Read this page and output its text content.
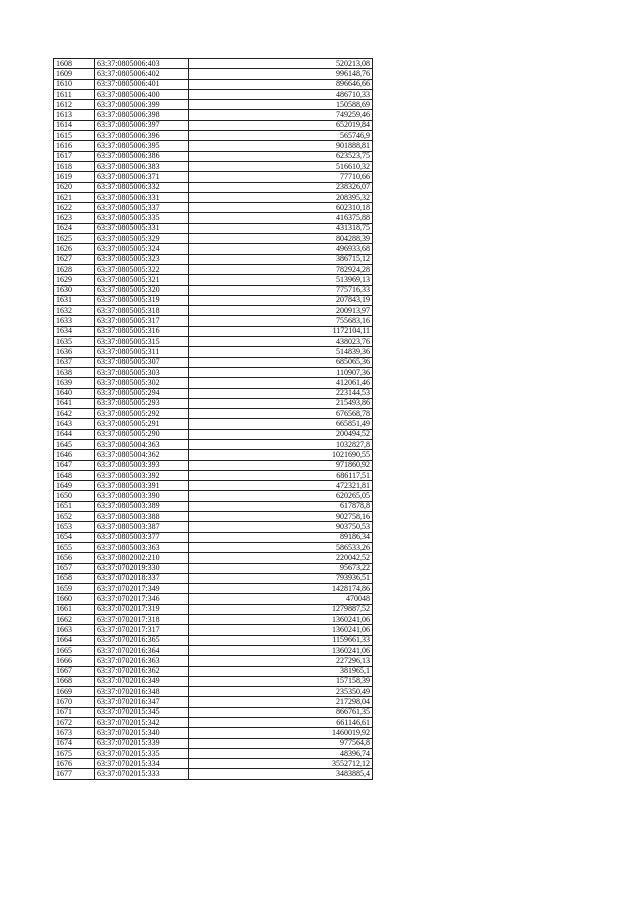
1608	63:37:0805006:403	520213,08
1609	63:37:0805006:402	996148,76
1610	63:37:0805006:401	896646,66
1611	63:37:0805006:400	486710,33
1612	63:37:0805006:399	150588,69
1613	63:37:0805006:398	749259,46
1614	63:37:0805006:397	652019,84
1615	63:37:0805006:396	565746,9
1616	63:37:0805006:395	901888,81
1617	63:37:0805006:386	623523,75
1618	63:37:0805006:383	516610,32
1619	63:37:0805006:371	77710,66
1620	63:37:0805006:332	238326,07
1621	63:37:0805006:331	208395,32
1622	63:37:0805005:337	602310,18
1623	63:37:0805005:335	416375,88
1624	63:37:0805005:331	431318,75
1625	63:37:0805005:329	804288,39
1626	63:37:0805005:324	496933,68
1627	63:37:0805005:323	386715,12
1628	63:37:0805005:322	782924,28
1629	63:37:0805005:321	513969,13
1630	63:37:0805005:320	775716,33
1631	63:37:0805005:319	207843,19
1632	63:37:0805005:318	200913,97
1633	63:37:0805005:317	755683,16
1634	63:37:0805005:316	1172104,11
1635	63:37:0805005:315	438023,76
1636	63:37:0805005:311	514839,36
1637	63:37:0805005:307	685065,36
1638	63:37:0805005:303	110907,36
1639	63:37:0805005:302	412061,46
1640	63:37:0805005:294	223144,53
1641	63:37:0805005:293	215493,86
1642	63:37:0805005:292	676568,78
1643	63:37:0805005:291	665851,49
1644	63:37:0805005:290	200494,52
1645	63:37:0805004:363	1032827,8
1646	63:37:0805004:362	1021690,55
1647	63:37:0805003:393	971860,92
1648	63:37:0805003:392	686117,51
1649	63:37:0805003:391	472321,81
1650	63:37:0805003:390	620265,05
1651	63:37:0805003:389	617878,8
1652	63:37:0805003:388	902758,16
1653	63:37:0805003:387	903750,53
1654	63:37:0805003:377	89186,34
1655	63:37:0805003:363	586533,26
1656	63:37:0802002:210	220042,52
1657	63:37:0702019:330	95673,22
1658	63:37:0702018:337	793936,51
1659	63:37:0702017:349	1428174,86
1660	63:37:0702017:346	470048
1661	63:37:0702017:319	1279887,52
1662	63:37:0702017:318	1360241,06
1663	63:37:0702017:317	1360241,06
1664	63:37:0702016:365	1159661,33
1665	63:37:0702016:364	1360241,06
1666	63:37:0702016:363	227296,13
1667	63:37:0702016:362	381965,1
1668	63:37:0702016:349	157158,39
1669	63:37:0702016:348	235350,49
1670	63:37:0702016:347	217298,04
1671	63:37:0702015:345	866761,35
1672	63:37:0702015:342	661146,61
1673	63:37:0702015:340	1460019,92
1674	63:37:0702015:339	977564,8
1675	63:37:0702015:335	48396,74
1676	63:37:0702015:334	3552712,12
1677	63:37:0702015:333	3483885,4
